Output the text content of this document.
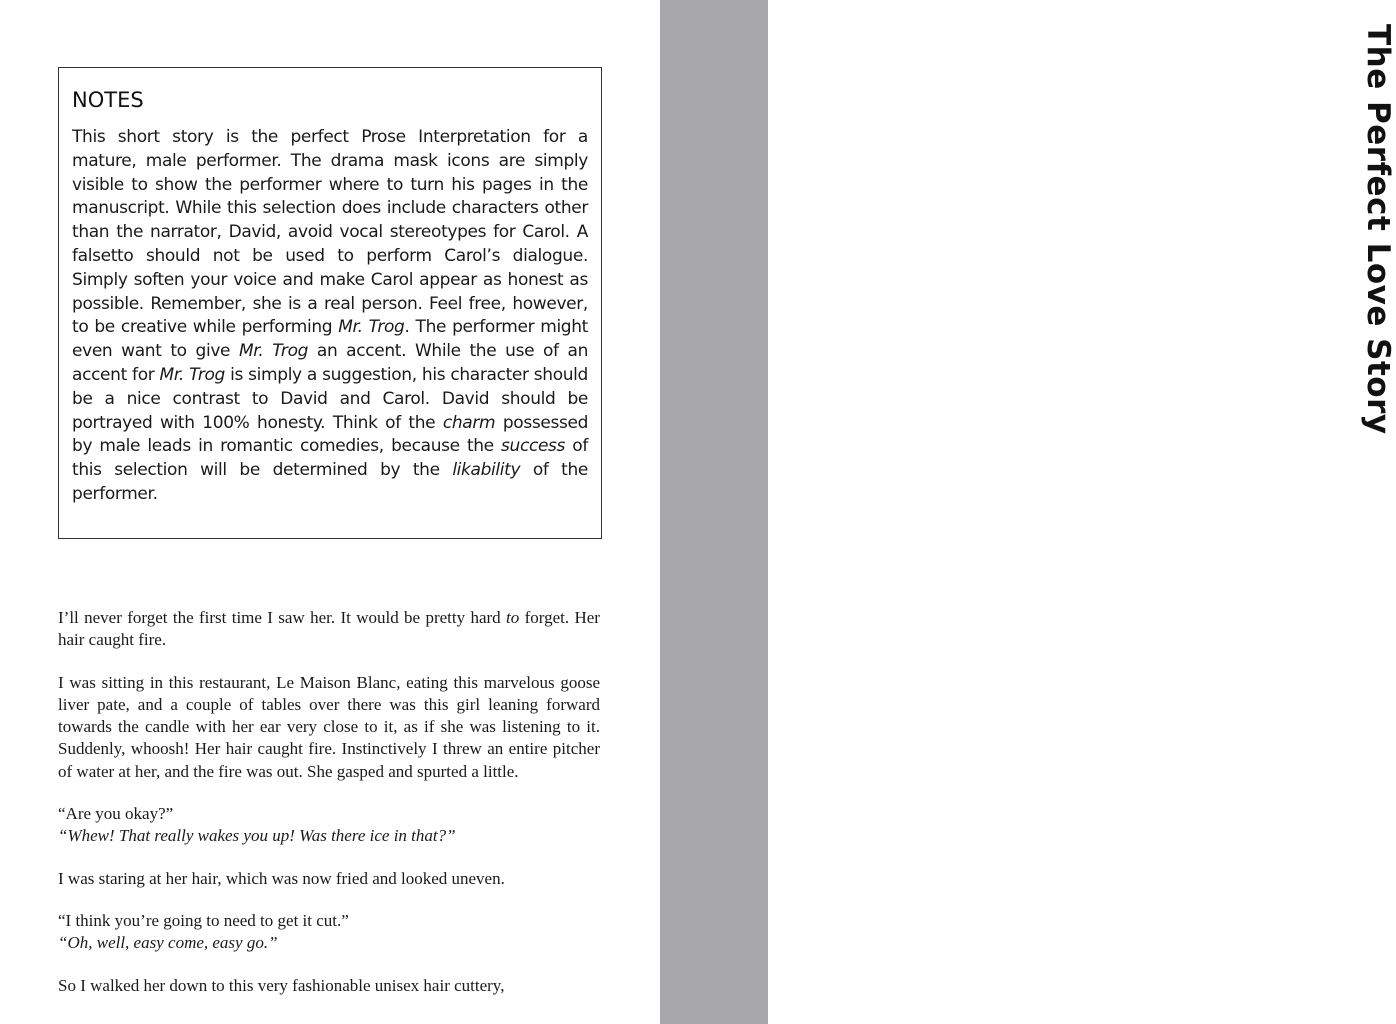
The Perfect Love Story
By Michael McClain
NOTES

This short story is the perfect Prose Interpretation for a mature, male performer. The drama mask icons are simply visible to show the performer where to turn his pages in the manuscript. While this selection does include characters other than the narrator, David, avoid vocal stereotypes for Carol. A falsetto should not be used to perform Carol’s dialogue. Simply soften your voice and make Carol appear as honest as possible. Remember, she is a real person. Feel free, however, to be creative while performing Mr. Trog. The performer might even want to give Mr. Trog an accent. While the use of an accent for Mr. Trog is simply a suggestion, his character should be a nice contrast to David and Carol. David should be portrayed with 100% honesty. Think of the charm possessed by male leads in romantic comedies, because the success of this selection will be determined by the likability of the performer.

I’ll never forget the first time I saw her. It would be pretty hard to forget. Her hair caught fire.

I was sitting in this restaurant, Le Maison Blanc, eating this marvelous goose liver pate, and a couple of tables over there was this girl leaning forward towards the candle with her ear very close to it, as if she was listening to it. Suddenly, whoosh! Her hair caught fire. Instinctively I threw an entire pitcher of water at her, and the fire was out. She gasped and spurted a little.

“Are you okay?”

“Whew! That really wakes you up! Was there ice in that?”

I was staring at her hair, which was now fried and looked uneven.

“I think you’re going to need to get it cut.”

“Oh, well, easy come, easy go.”

So I walked her down to this very fashionable unisex hair cuttery,
